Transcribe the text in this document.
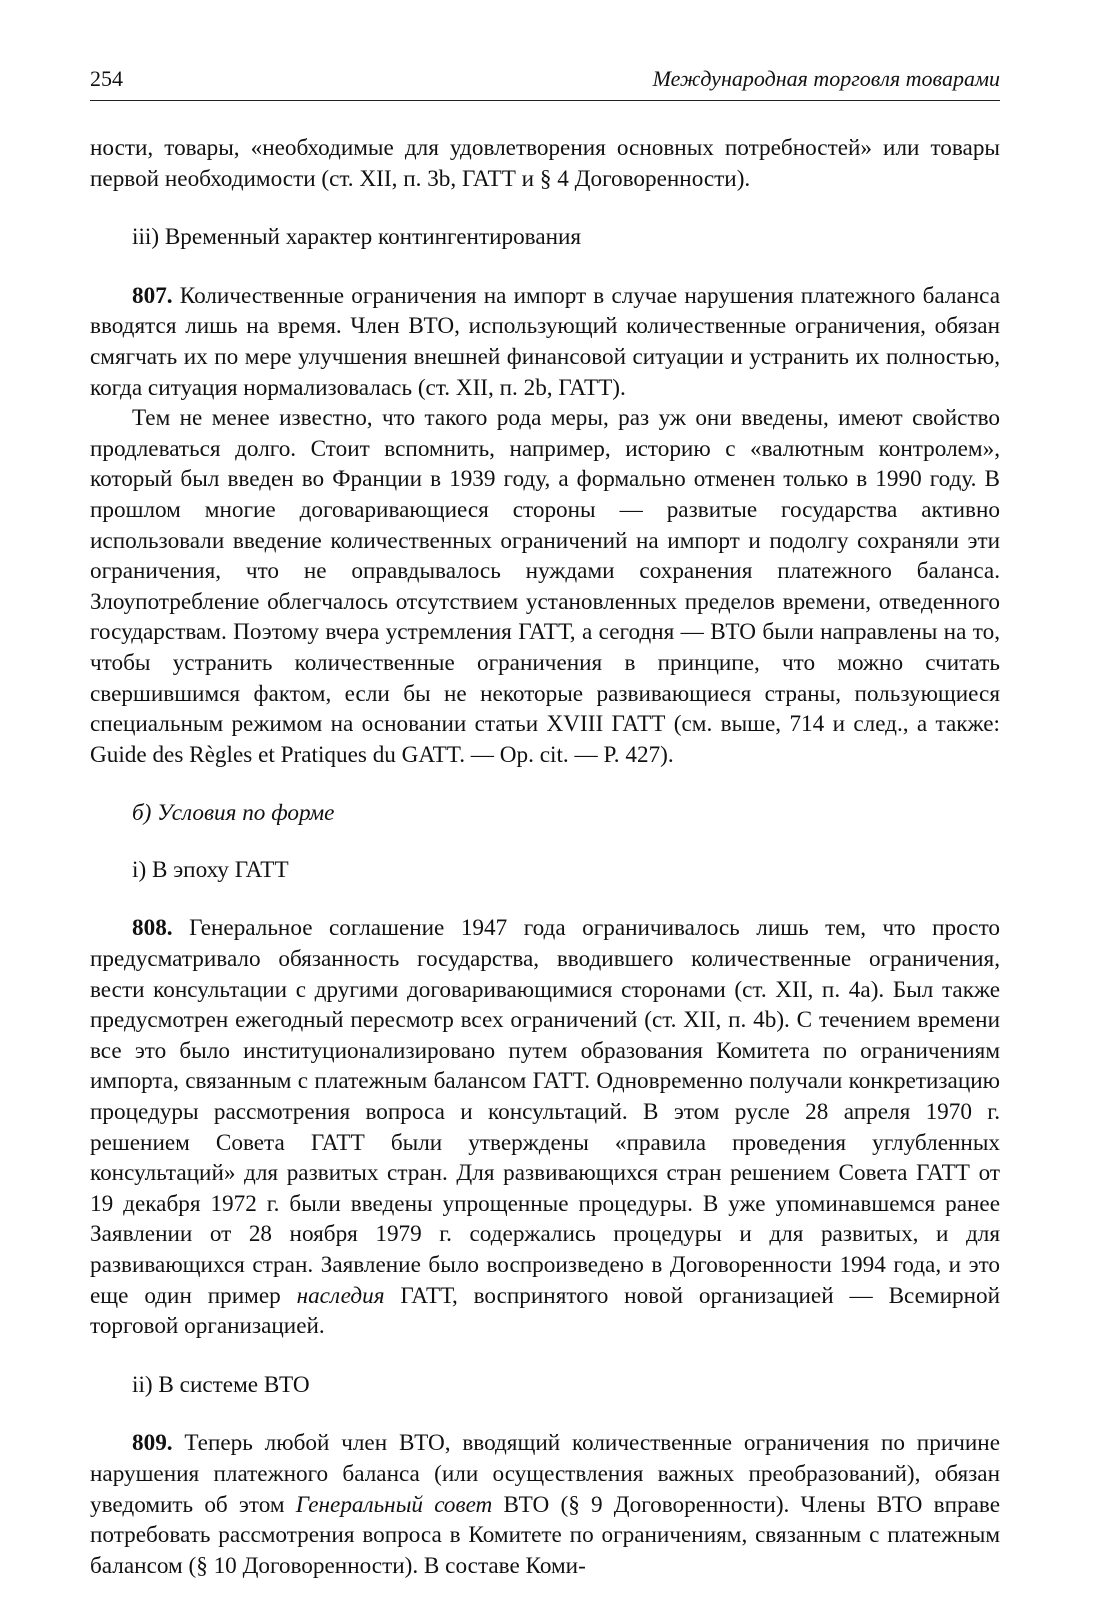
254	Международная торговля товарами

ности, товары, «необходимые для удовлетворения основных потребностей» или товары первой необходимости (ст. XII, п. 3b, ГАТТ и § 4 Договоренности).

iii) Временный характер контингентирования

807. Количественные ограничения на импорт в случае нарушения платежного баланса вводятся лишь на время. Член ВТО, использующий количественные ограничения, обязан смягчать их по мере улучшения внешней финансовой ситуации и устранить их полностью, когда ситуация нормализовалась (ст. XII, п. 2b, ГАТТ).

Тем не менее известно, что такого рода меры, раз уж они введены, имеют свойство продлеваться долго. Стоит вспомнить, например, историю с «валютным контролем», который был введен во Франции в 1939 году, а формально отменен только в 1990 году. В прошлом многие договаривающиеся стороны — развитые государства активно использовали введение количественных ограничений на импорт и подолгу сохраняли эти ограничения, что не оправдывалось нуждами сохранения платежного баланса. Злоупотребление облегчалось отсутствием установленных пределов времени, отведенного государствам. Поэтому вчера устремления ГАТТ, а сегодня — ВТО были направлены на то, чтобы устранить количественные ограничения в принципе, что можно считать свершившимся фактом, если бы не некоторые развивающиеся страны, пользующиеся специальным режимом на основании статьи XVIII ГАТТ (см. выше, 714 и след., а также: Guide des Règles et Pratiques du GATT. — Op. cit. — P. 427).

б) Условия по форме

i) В эпоху ГАТТ

808. Генеральное соглашение 1947 года ограничивалось лишь тем, что просто предусматривало обязанность государства, вводившего количественные ограничения, вести консультации с другими договаривающимися сторонами (ст. XII, п. 4а). Был также предусмотрен ежегодный пересмотр всех ограничений (ст. XII, п. 4b). С течением времени все это было институционализировано путем образования Комитета по ограничениям импорта, связанным с платежным балансом ГАТТ. Одновременно получали конкретизацию процедуры рассмотрения вопроса и консультаций. В этом русле 28 апреля 1970 г. решением Совета ГАТТ были утверждены «правила проведения углубленных консультаций» для развитых стран. Для развивающихся стран решением Совета ГАТТ от 19 декабря 1972 г. были введены упрощенные процедуры. В уже упоминавшемся ранее Заявлении от 28 ноября 1979 г. содержались процедуры и для развитых, и для развивающихся стран. Заявление было воспроизведено в Договоренности 1994 года, и это еще один пример наследия ГАТТ, воспринятого новой организацией — Всемирной торговой организацией.

ii) В системе ВТО

809. Теперь любой член ВТО, вводящий количественные ограничения по причине нарушения платежного баланса (или осуществления важных преобразований), обязан уведомить об этом Генеральный совет ВТО (§ 9 Договоренности). Члены ВТО вправе потребовать рассмотрения вопроса в Комитете по ограничениям, связанным с платежным балансом (§ 10 Договоренности). В составе Коми-
